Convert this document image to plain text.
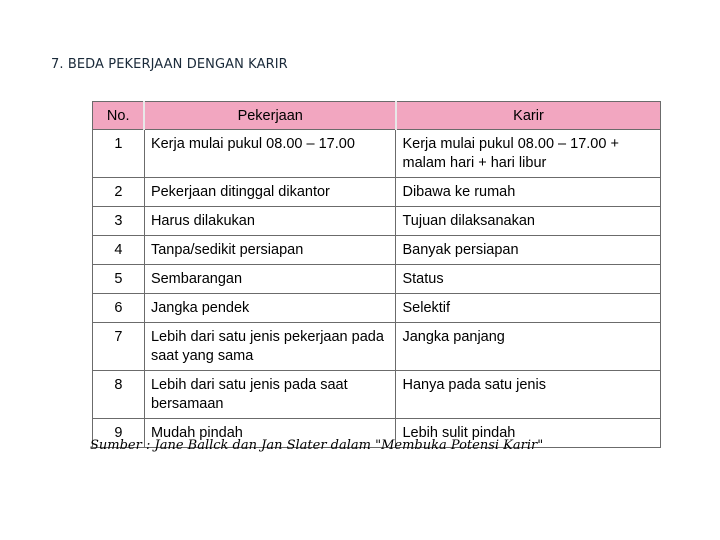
7. BEDA PEKERJAAN DENGAN KARIR
No.	Pekerjaan	Karir
1	Kerja mulai pukul 08.00 – 17.00	Kerja mulai pukul 08.00 – 17.00 + malam hari + hari libur
2	Pekerjaan ditinggal dikantor	Dibawa ke rumah
3	Harus dilakukan	Tujuan dilaksanakan
4	Tanpa/sedikit persiapan	Banyak persiapan
5	Sembarangan	Status
6	Jangka pendek	Selektif
7	Lebih dari satu jenis pekerjaan pada saat yang sama	Jangka panjang
8	Lebih dari satu jenis pada saat bersamaan	Hanya pada satu jenis
9	Mudah pindah	Lebih sulit pindah
Sumber : Jane Ballck dan Jan Slater dalam "Membuka Potensi Karir"
